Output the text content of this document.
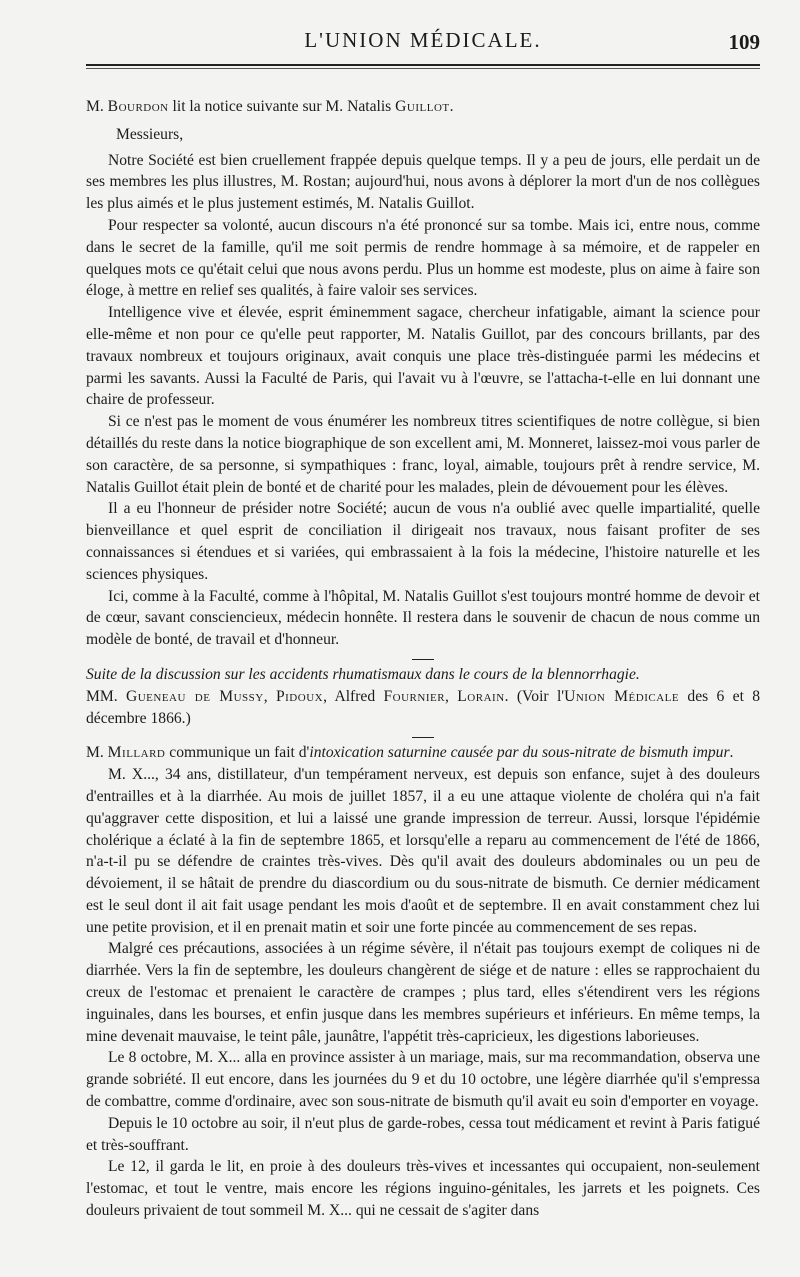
L'UNION MÉDICALE.	109

M. Bourdon lit la notice suivante sur M. Natalis Guillot.

Messieurs,

Notre Société est bien cruellement frappée depuis quelque temps. Il y a peu de jours, elle perdait un de ses membres les plus illustres, M. Rostan; aujourd'hui, nous avons à déplorer la mort d'un de nos collègues les plus aimés et le plus justement estimés, M. Natalis Guillot.

Pour respecter sa volonté, aucun discours n'a été prononcé sur sa tombe. Mais ici, entre nous, comme dans le secret de la famille, qu'il me soit permis de rendre hommage à sa mémoire, et de rappeler en quelques mots ce qu'était celui que nous avons perdu. Plus un homme est modeste, plus on aime à faire son éloge, à mettre en relief ses qualités, à faire valoir ses services.

Intelligence vive et élevée, esprit éminemment sagace, chercheur infatigable, aimant la science pour elle-même et non pour ce qu'elle peut rapporter, M. Natalis Guillot, par des concours brillants, par des travaux nombreux et toujours originaux, avait conquis une place très-distinguée parmi les médecins et parmi les savants. Aussi la Faculté de Paris, qui l'avait vu à l'œuvre, se l'attacha-t-elle en lui donnant une chaire de professeur.

Si ce n'est pas le moment de vous énumérer les nombreux titres scientifiques de notre collègue, si bien détaillés du reste dans la notice biographique de son excellent ami, M. Monneret, laissez-moi vous parler de son caractère, de sa personne, si sympathiques : franc, loyal, aimable, toujours prêt à rendre service, M. Natalis Guillot était plein de bonté et de charité pour les malades, plein de dévouement pour les élèves.

Il a eu l'honneur de présider notre Société; aucun de vous n'a oublié avec quelle impartialité, quelle bienveillance et quel esprit de conciliation il dirigeait nos travaux, nous faisant profiter de ses connaissances si étendues et si variées, qui embrassaient à la fois la médecine, l'histoire naturelle et les sciences physiques.

Ici, comme à la Faculté, comme à l'hôpital, M. Natalis Guillot s'est toujours montré homme de devoir et de cœur, savant consciencieux, médecin honnête. Il restera dans le souvenir de chacun de nous comme un modèle de bonté, de travail et d'honneur.

Suite de la discussion sur les accidents rhumatismaux dans le cours de la blennorrhagie.

MM. Gueneau de Mussy, Pidoux, Alfred Fournier, Lorain. (Voir l'Union Médicale des 6 et 8 décembre 1866.)

M. Millard communique un fait d'intoxication saturnine causée par du sous-nitrate de bismuth impur.

M. X..., 34 ans, distillateur, d'un tempérament nerveux, est depuis son enfance, sujet à des douleurs d'entrailles et à la diarrhée. Au mois de juillet 1857, il a eu une attaque violente de choléra qui n'a fait qu'aggraver cette disposition, et lui a laissé une grande impression de terreur. Aussi, lorsque l'épidémie cholérique a éclaté à la fin de septembre 1865, et lorsqu'elle a reparu au commencement de l'été de 1866, n'a-t-il pu se défendre de craintes très-vives. Dès qu'il avait des douleurs abdominales ou un peu de dévoiement, il se hâtait de prendre du diascordium ou du sous-nitrate de bismuth. Ce dernier médicament est le seul dont il ait fait usage pendant les mois d'août et de septembre. Il en avait constamment chez lui une petite provision, et il en prenait matin et soir une forte pincée au commencement de ses repas.

Malgré ces précautions, associées à un régime sévère, il n'était pas toujours exempt de coliques ni de diarrhée. Vers la fin de septembre, les douleurs changèrent de siége et de nature : elles se rapprochaient du creux de l'estomac et prenaient le caractère de crampes ; plus tard, elles s'étendirent vers les régions inguinales, dans les bourses, et enfin jusque dans les membres supérieurs et inférieurs. En même temps, la mine devenait mauvaise, le teint pâle, jaunâtre, l'appétit très-capricieux, les digestions laborieuses.

Le 8 octobre, M. X... alla en province assister à un mariage, mais, sur ma recommandation, observa une grande sobriété. Il eut encore, dans les journées du 9 et du 10 octobre, une légère diarrhée qu'il s'empressa de combattre, comme d'ordinaire, avec son sous-nitrate de bismuth qu'il avait eu soin d'emporter en voyage.

Depuis le 10 octobre au soir, il n'eut plus de garde-robes, cessa tout médicament et revint à Paris fatigué et très-souffrant.

Le 12, il garda le lit, en proie à des douleurs très-vives et incessantes qui occupaient, non-seulement l'estomac, et tout le ventre, mais encore les régions inguino-génitales, les jarrets et les poignets. Ces douleurs privaient de tout sommeil M. X... qui ne cessait de s'agiter dans
